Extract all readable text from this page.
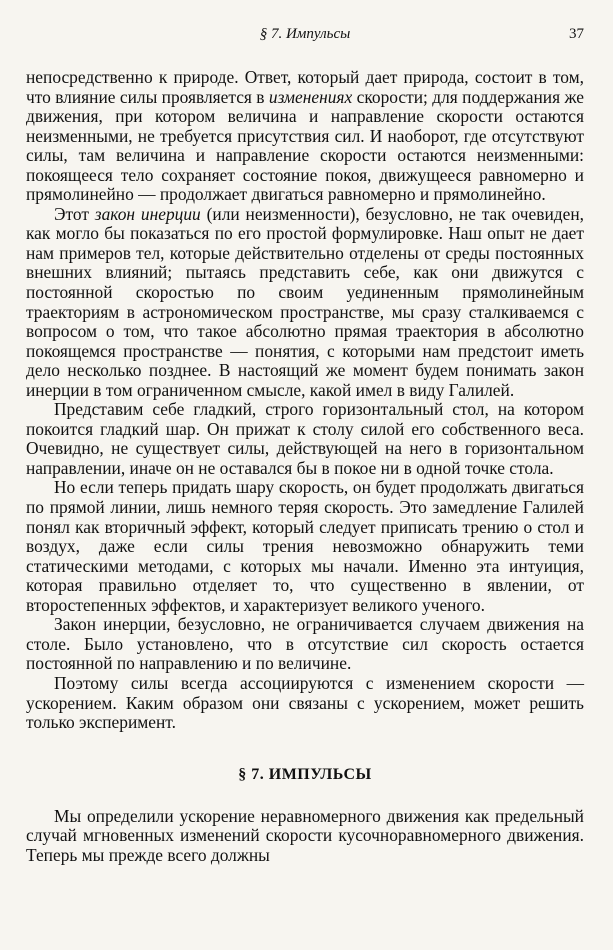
§ 7. Импульсы	37

непосредственно к природе. Ответ, который дает природа, состоит в том, что влияние силы проявляется в изменениях скорости; для поддержания же движения, при котором величина и направление скорости остаются неизменными, не требуется присутствия сил. И наоборот, где отсутствуют силы, там величина и направление скорости остаются неизменными: покоящееся тело сохраняет состояние покоя, движущееся равномерно и прямолинейно — продолжает двигаться равномерно и прямолинейно.

Этот закон инерции (или неизменности), безусловно, не так очевиден, как могло бы показаться по его простой формулировке. Наш опыт не дает нам примеров тел, которые действительно отделены от среды постоянных внешних влияний; пытаясь представить себе, как они движутся с постоянной скоростью по своим уединенным прямолинейным траекториям в астрономическом пространстве, мы сразу сталкиваемся с вопросом о том, что такое абсолютно прямая траектория в абсолютно покоящемся пространстве — понятия, с которыми нам предстоит иметь дело несколько позднее. В настоящий же момент будем понимать закон инерции в том ограниченном смысле, какой имел в виду Галилей.

Представим себе гладкий, строго горизонтальный стол, на котором покоится гладкий шар. Он прижат к столу силой его собственного веса. Очевидно, не существует силы, действующей на него в горизонтальном направлении, иначе он не оставался бы в покое ни в одной точке стола.

Но если теперь придать шару скорость, он будет продолжать двигаться по прямой линии, лишь немного теряя скорость. Это замедление Галилей понял как вторичный эффект, который следует приписать трению о стол и воздух, даже если силы трения невозможно обнаружить теми статическими методами, с которых мы начали. Именно эта интуиция, которая правильно отделяет то, что существенно в явлении, от второстепенных эффектов, и характеризует великого ученого.

Закон инерции, безусловно, не ограничивается случаем движения на столе. Было установлено, что в отсутствие сил скорость остается постоянной по направлению и по величине.

Поэтому силы всегда ассоциируются с изменением скорости — ускорением. Каким образом они связаны с ускорением, может решить только эксперимент.

§ 7. ИМПУЛЬСЫ

Мы определили ускорение неравномерного движения как предельный случай мгновенных изменений скорости кусочноравномерного движения. Теперь мы прежде всего должны
